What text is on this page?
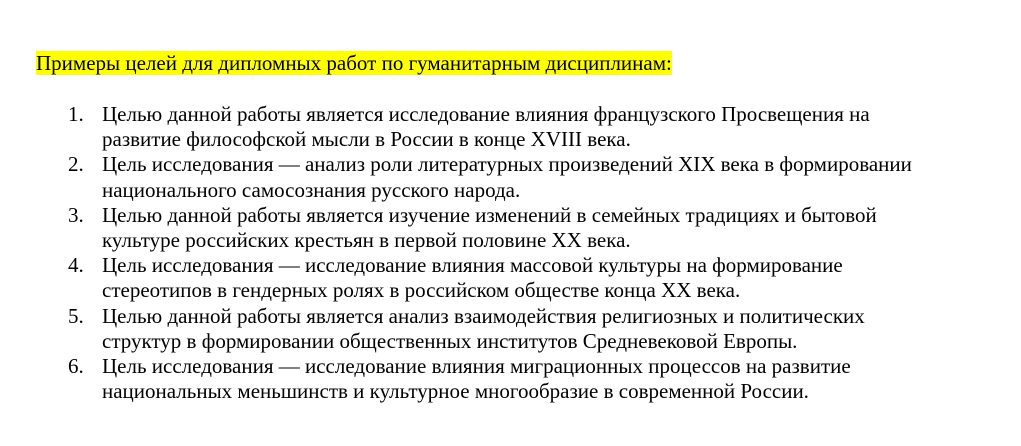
Примеры целей для дипломных работ по гуманитарным дисциплинам:

1. Целью данной работы является исследование влияния французского Просвещения на
развитие философской мысли в России в конце XVIII века.
2. Цель исследования — анализ роли литературных произведений XIX века в формировании
национального самосознания русского народа.
3. Целью данной работы является изучение изменений в семейных традициях и бытовой
культуре российских крестьян в первой половине XX века.
4. Цель исследования — исследование влияния массовой культуры на формирование
стереотипов в гендерных ролях в российском обществе конца XX века.
5. Целью данной работы является анализ взаимодействия религиозных и политических
структур в формировании общественных институтов Средневековой Европы.
6. Цель исследования — исследование влияния миграционных процессов на развитие
национальных меньшинств и культурное многообразие в современной России.
